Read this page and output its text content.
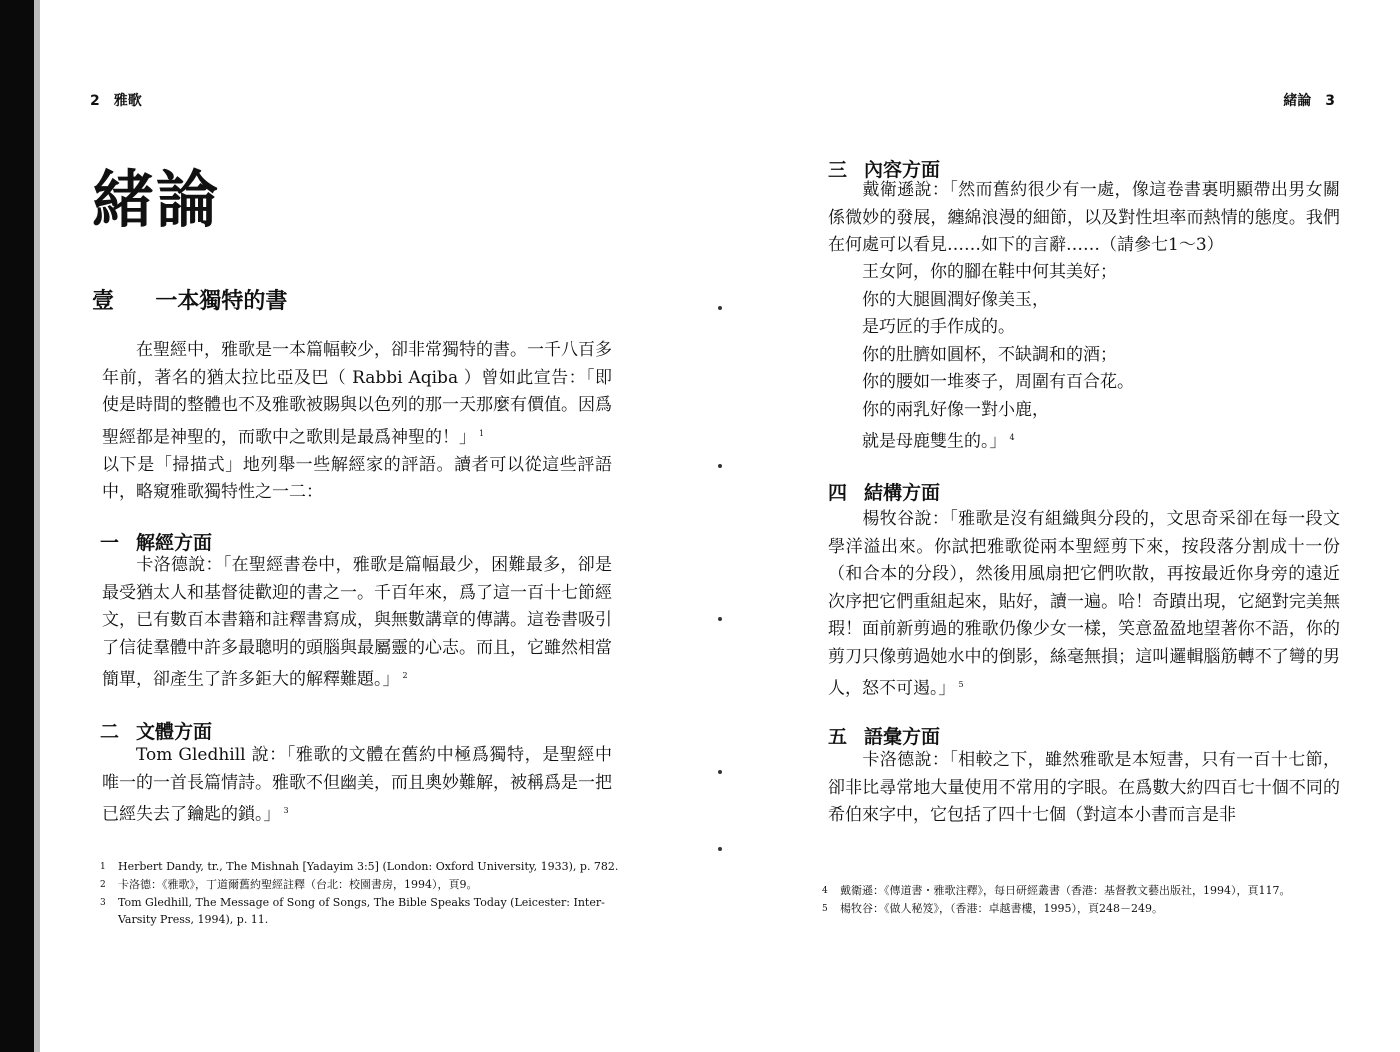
2　雅歌
緒論
壹 一本獨特的書
在聖經中，雅歌是一本篇幅較少，卻非常獨特的書。一千八百多年前，著名的猶太拉比亞及巴（ Rabbi Aqiba ）曾如此宣告：「即使是時間的整體也不及雅歌被賜與以色列的那一天那麼有價值。因爲聖經都是神聖的，而歌中之歌則是最爲神聖的！」 $^1$
以下是「掃描式」地列舉一些解經家的評語。讀者可以從這些評語中，略窺雅歌獨特性之一二：
一 解經方面
卡洛德說：「在聖經書卷中，雅歌是篇幅最少，困難最多，卻是最受猶太人和基督徒歡迎的書之一。千百年來，爲了這一百十七節經文，已有數百本書籍和註釋書寫成，與無數講章的傳講。這卷書吸引了信徒羣體中許多最聰明的頭腦與最屬靈的心志。而且，它雖然相當簡單，卻產生了許多鉅大的解釋難題。」 $^2$
二 文體方面
Tom Gledhill 說：「雅歌的文體在舊約中極爲獨特，是聖經中唯一的一首長篇情詩。雅歌不但幽美，而且奧妙難解，被稱爲是一把已經失去了鑰匙的鎖。」 $^3$
1	Herbert Dandy, tr., The Mishnah [Yadayim 3:5] (London: Oxford University, 1933), p. 782.
2	卡洛德：《雅歌》，丁道爾舊約聖經註釋（台北：校園書房，1994），頁9。
3	Tom Gledhill, The Message of Song of Songs, The Bible Speaks Today (Leicester: Inter-Varsity Press, 1994), p. 11.
緒論　3
三 內容方面
戴衛遜說：「然而舊約很少有一處，像這卷書裏明顯帶出男女關係微妙的發展，纏綿浪漫的細節，以及對性坦率而熱情的態度。我們在何處可以看見……如下的言辭……（請參七1～3）
王女阿，你的腳在鞋中何其美好；
你的大腿圓潤好像美玉，
是巧匠的手作成的。
你的肚臍如圓杯，不缺調和的酒；
你的腰如一堆麥子，周圍有百合花。
你的兩乳好像一對小鹿，
就是母鹿雙生的。」 $^4$
四 結構方面
楊牧谷說：「雅歌是沒有組織與分段的，文思奇采卻在每一段文學洋溢出來。你試把雅歌從兩本聖經剪下來，按段落分割成十一份（和合本的分段），然後用風扇把它們吹散，再按最近你身旁的遠近次序把它們重組起來，貼好，讀一遍。哈！奇蹟出現，它絕對完美無瑕！面前新剪過的雅歌仍像少女一樣，笑意盈盈地望著你不語，你的剪刀只像剪過她水中的倒影，絲毫無損；這叫邏輯腦筋轉不了彎的男人，怒不可遏。」 $^5$
五 語彙方面
卡洛德說：「相較之下，雖然雅歌是本短書，只有一百十七節，卻非比尋常地大量使用不常用的字眼。在爲數大約四百七十個不同的希伯來字中，它包括了四十七個（對這本小書而言是非
4	戴衛遜：《傳道書・雅歌注釋》，每日研經叢書（香港：基督教文藝出版社，1994），頁117。
5	楊牧谷：《做人秘笈》，（香港：卓越書樓，1995），頁248－249。
